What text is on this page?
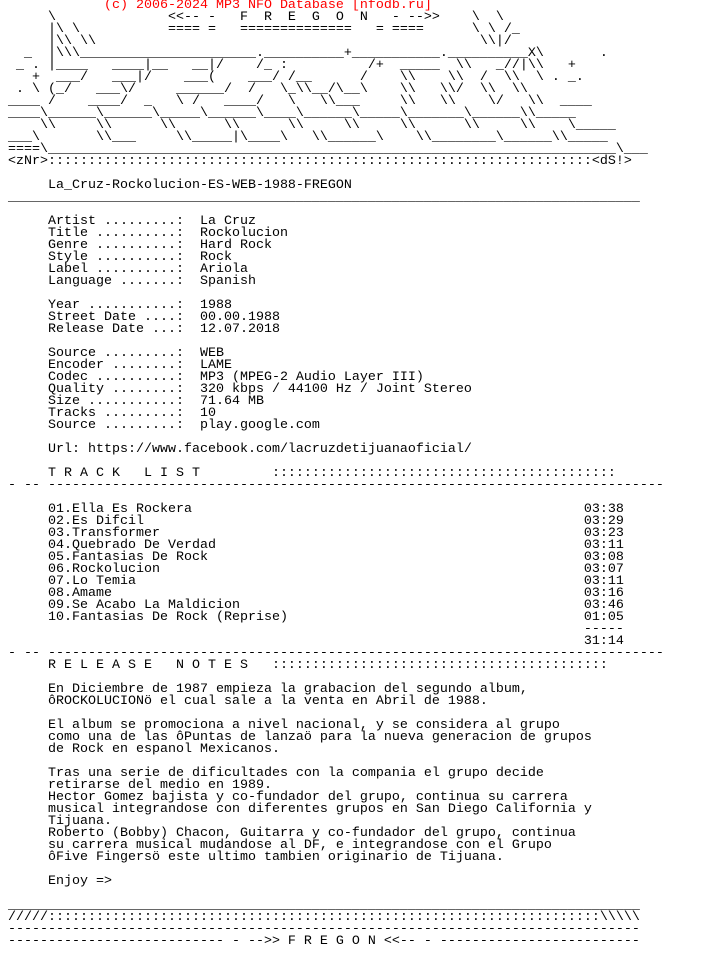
(c) 2006-2024 MP3 NFO Database [nfodb.ru]
\              <<-- -   F  R  E  G  O  N   - -->>    \  \
|\ \           ==== =   ==============   = ====      \ \ /_
|\\ \\                                                \\|/
_  |\\\______________________.__________+___________.__________X\       .
_ . |____   ____|__   __|/    /_ :          /+  _____  \\   _//|\\   +
+  ___/   ___|/    ___(    ___/ /__      /    \\    \\  /  \\  \ . _.
. \ (_/   ___\/     ______/  /   \_\\__/\__\    \\   \\/  \\  \\
____ /    ____/  _   \ /   ____/   \   \\___     \\   \\    \/   \\  ____
____\______\______\_____\______\____\______\_____\_______\______\\_____
\\     \\      \\      \\      \\     \\     \\      \\     \\    \_____
___\       \\___     \\_____|\____\   \\______\    \\________\______\\_____
====\_______________________________________________________________________\___
<zNr>::::::::::::::::::::::::::::::::::::::::::::::::::::::::::::::::::::<dS!>

La_Cruz-Rockolucion-ES-WEB-1988-FREGON
_______________________________________________________________________________

Artist .........:  La Cruz
Title ..........:  Rockolucion
Genre ..........:  Hard Rock
Style ..........:  Rock
Label ..........:  Ariola
Language .......:  Spanish

Year ...........:  1988
Street Date ....:  00.00.1988
Release Date ...:  12.07.2018

Source .........:  WEB
Encoder ........:  LAME
Codec ..........:  MP3 (MPEG-2 Audio Layer III)
Quality ........:  320 kbps / 44100 Hz / Joint Stereo
Size ...........:  71.64 MB
Tracks .........:  10
Source .........:  play.google.com

Url: https://www.facebook.com/lacruzdetijuanaoficial/

T R A C K   L I S T         :::::::::::::::::::::::::::::::::::::::::::
- -- -----------------------------------------------------------------------------

01.Ella Es Rockera                                                 03:38
02.Es Difcil                                                       03:29
03.Transformer                                                     03:23
04.Quebrado De Verdad                                              03:11
05.Fantasias De Rock                                               03:08
06.Rockolucion                                                     03:07
07.Lo Temia                                                        03:11
08.Amame                                                           03:16
09.Se Acabo La Maldicion                                           03:46
10.Fantasias De Rock (Reprise)                                     01:05
-----
31:14
- -- -----------------------------------------------------------------------------
R E L E A S E   N O T E S   ::::::::::::::::::::::::::::::::::::::::::

En Diciembre de 1987 empieza la grabacion del segundo album,
ôROCKOLUCIONö el cual sale a la venta en Abril de 1988.

El album se promociona a nivel nacional, y se considera al grupo
como una de las ôPuntas de lanzaö para la nueva generacion de grupos
de Rock en espanol Mexicanos.

Tras una serie de dificultades con la compania el grupo decide
retirarse del medio en 1989.
Hector Gomez bajista y co-fundador del grupo, continua su carrera
musical integrandose con diferentes grupos en San Diego California y
Tijuana.
Roberto (Bobby) Chacon, Guitarra y co-fundador del grupo, continua
su carrera musical mudandose al DF, e integrandose con el Grupo
ôFive Fingersö este ultimo tambien originario de Tijuana.

Enjoy =>

_______________________________________________________________________________
/////:::::::::::::::::::::::::::::::::::::::::::::::::::::::::::::::::::::\\\\\
-------------------------------------------------------------------------------
--------------------------- - -->> F R E G O N <<-- - -------------------------
